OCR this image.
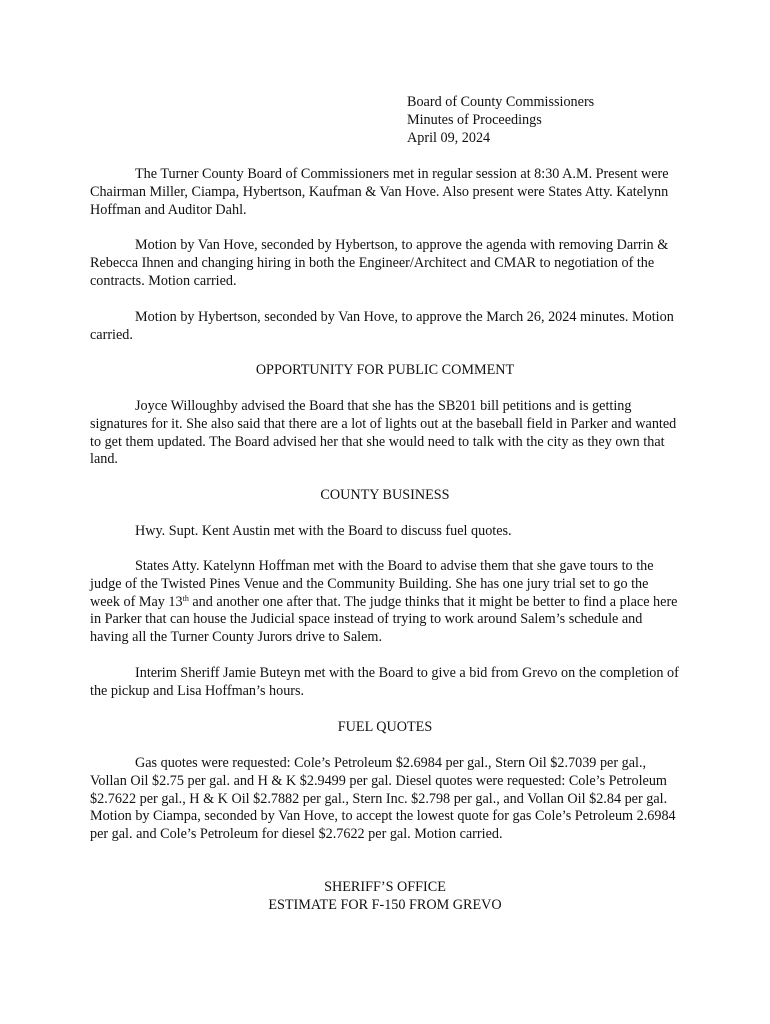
Board of County Commissioners
Minutes of Proceedings
April 09, 2024

The Turner County Board of Commissioners met in regular session at 8:30 A.M. Present were Chairman Miller, Ciampa, Hybertson, Kaufman & Van Hove. Also present were States Atty. Katelynn Hoffman and Auditor Dahl.

Motion by Van Hove, seconded by Hybertson, to approve the agenda with removing Darrin & Rebecca Ihnen and changing hiring in both the Engineer/Architect and CMAR to negotiation of the contracts. Motion carried.

Motion by Hybertson, seconded by Van Hove, to approve the March 26, 2024 minutes. Motion carried.

OPPORTUNITY FOR PUBLIC COMMENT

Joyce Willoughby advised the Board that she has the SB201 bill petitions and is getting signatures for it. She also said that there are a lot of lights out at the baseball field in Parker and wanted to get them updated. The Board advised her that she would need to talk with the city as they own that land.

COUNTY BUSINESS

Hwy. Supt. Kent Austin met with the Board to discuss fuel quotes.

States Atty. Katelynn Hoffman met with the Board to advise them that she gave tours to the judge of the Twisted Pines Venue and the Community Building. She has one jury trial set to go the week of May 13th and another one after that. The judge thinks that it might be better to find a place here in Parker that can house the Judicial space instead of trying to work around Salem’s schedule and having all the Turner County Jurors drive to Salem.

Interim Sheriff Jamie Buteyn met with the Board to give a bid from Grevo on the completion of the pickup and Lisa Hoffman’s hours.

FUEL QUOTES

Gas quotes were requested: Cole’s Petroleum $2.6984 per gal., Stern Oil $2.7039 per gal., Vollan Oil $2.75 per gal. and H & K $2.9499 per gal. Diesel quotes were requested: Cole’s Petroleum $2.7622 per gal., H & K Oil $2.7882 per gal., Stern Inc. $2.798 per gal., and Vollan Oil $2.84 per gal. Motion by Ciampa, seconded by Van Hove, to accept the lowest quote for gas Cole’s Petroleum 2.6984 per gal. and Cole’s Petroleum for diesel $2.7622 per gal. Motion carried.

SHERIFF’S OFFICE

ESTIMATE FOR F-150 FROM GREVO
